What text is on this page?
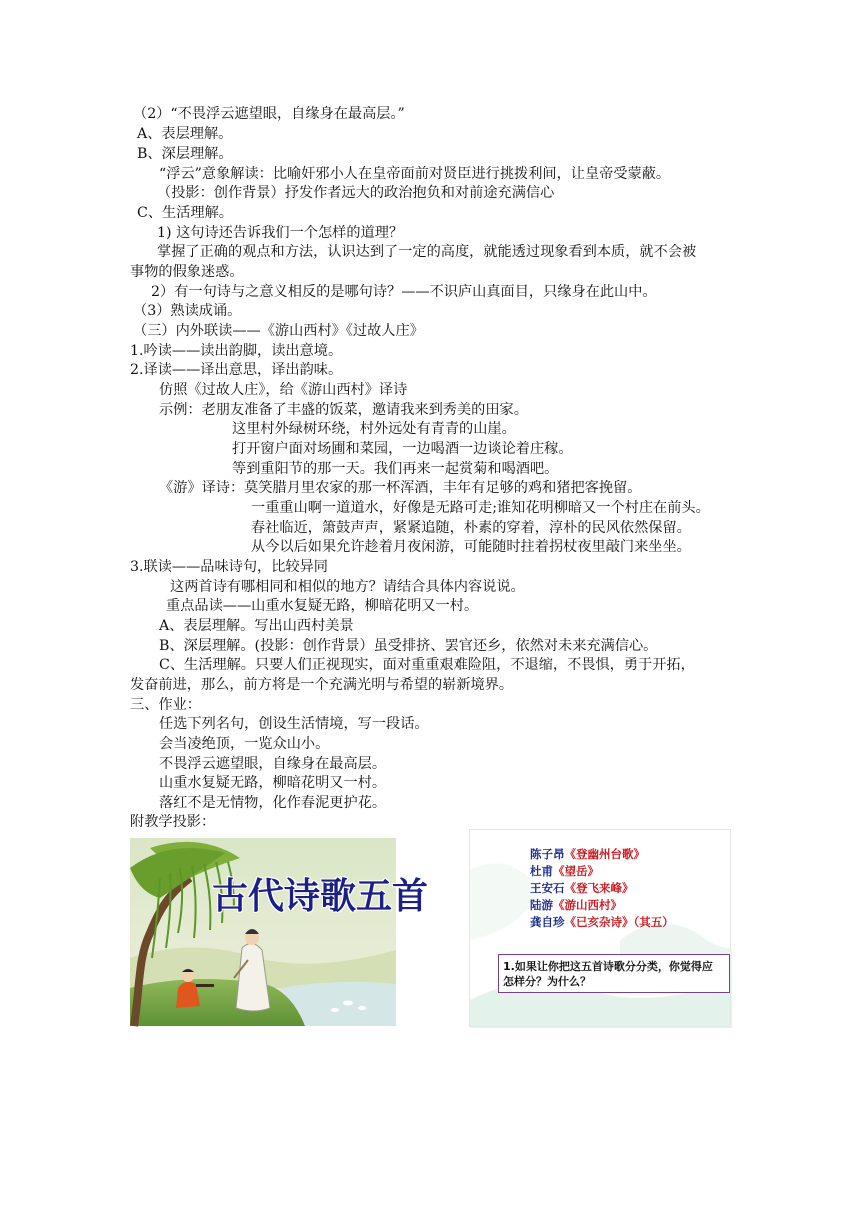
（2）“不畏浮云遮望眼，自缘身在最高层。”
A、表层理解。
B、深层理解。
“浮云”意象解读：比喻奸邪小人在皇帝面前对贤臣进行挑拨利间，让皇帝受蒙蔽。
（投影：创作背景）抒发作者远大的政治抱负和对前途充满信心
C、生活理解。
1) 这句诗还告诉我们一个怎样的道理？
掌握了正确的观点和方法，认识达到了一定的高度，就能透过现象看到本质，就不会被
事物的假象迷惑。
2）有一句诗与之意义相反的是哪句诗？——不识庐山真面目，只缘身在此山中。
（3）熟读成诵。
（三）内外联读——《游山西村》《过故人庄》
1.吟读——读出韵脚，读出意境。
2.译读——译出意思，译出韵味。
仿照《过故人庄》，给《游山西村》译诗
示例：老朋友准备了丰盛的饭菜，邀请我来到秀美的田家。
这里村外绿树环绕，村外远处有青青的山崖。
打开窗户面对场圃和菜园，一边喝酒一边谈论着庄稼。
等到重阳节的那一天。我们再来一起赏菊和喝酒吧。
《游》译诗：莫笑腊月里农家的那一杯浑酒，丰年有足够的鸡和猪把客挽留。
一重重山啊一道道水，好像是无路可走;谁知花明柳暗又一个村庄在前头。
春社临近，箫鼓声声，紧紧追随，朴素的穿着，淳朴的民风依然保留。
从今以后如果允许趁着月夜闲游，可能随时拄着拐杖夜里敲门来坐坐。
3.联读——品味诗句，比较异同
这两首诗有哪相同和相似的地方？请结合具体内容说说。
重点品读——山重水复疑无路，柳暗花明又一村。
A、表层理解。写出山西村美景
B、深层理解。(投影：创作背景）虽受排挤、罢官还乡，依然对未来充满信心。
C、生活理解。只要人们正视现实，面对重重艰难险阻，不退缩，不畏惧，勇于开拓，
发奋前进，那么，前方将是一个充满光明与希望的崭新境界。
三、作业：
任选下列名句，创设生活情境，写一段话。
会当凌绝顶，一览众山小。
不畏浮云遮望眼，自缘身在最高层。
山重水复疑无路，柳暗花明又一村。
落红不是无情物，化作春泥更护花。
附教学投影：
古代诗歌五首
陈子昂《登幽州台歌》
杜甫《望岳》
王安石《登飞来峰》
陆游《游山西村》
龚自珍《已亥杂诗》（其五）
1.如果让你把这五首诗歌分分类，你觉得应怎样分？为什么？
